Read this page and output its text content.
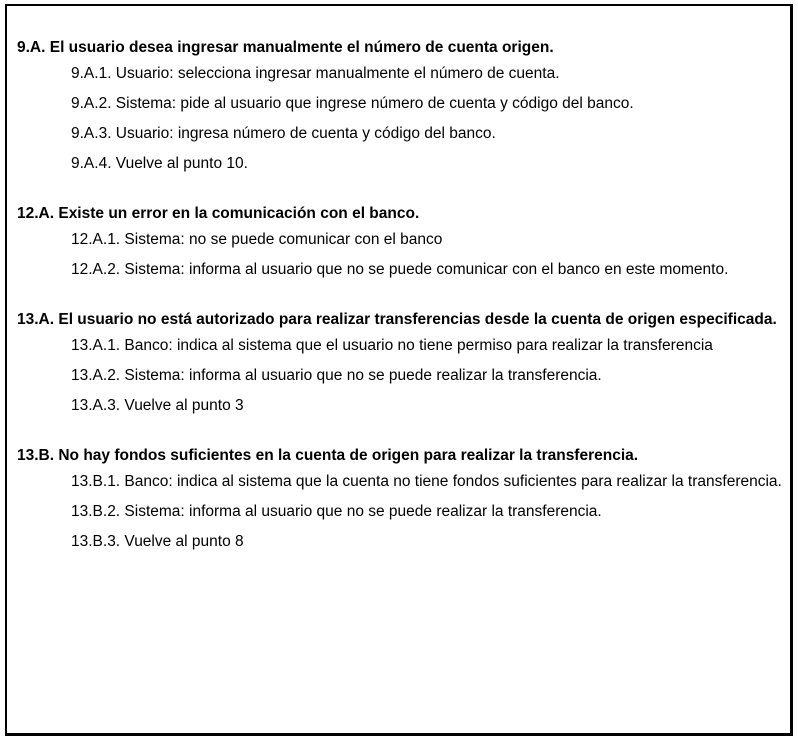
9.A. El usuario desea ingresar manualmente el número de cuenta origen.

9.A.1. Usuario: selecciona ingresar manualmente el número de cuenta.
9.A.2. Sistema: pide al usuario que ingrese número de cuenta y código del banco.
9.A.3. Usuario: ingresa número de cuenta y código del banco.
9.A.4. Vuelve al punto 10.

12.A. Existe un error en la comunicación con el banco.

12.A.1. Sistema: no se puede comunicar con el banco
12.A.2. Sistema: informa al usuario que no se puede comunicar con el banco en este momento.

13.A. El usuario no está autorizado para realizar transferencias desde la cuenta de origen especificada.

13.A.1. Banco: indica al sistema que el usuario no tiene permiso para realizar la transferencia
13.A.2. Sistema: informa al usuario que no se puede realizar la transferencia.
13.A.3. Vuelve al punto 3

13.B. No hay fondos suficientes en la cuenta de origen para realizar la transferencia.

13.B.1. Banco: indica al sistema que la cuenta no tiene fondos suficientes para realizar la transferencia.
13.B.2. Sistema: informa al usuario que no se puede realizar la transferencia.
13.B.3. Vuelve al punto 8
